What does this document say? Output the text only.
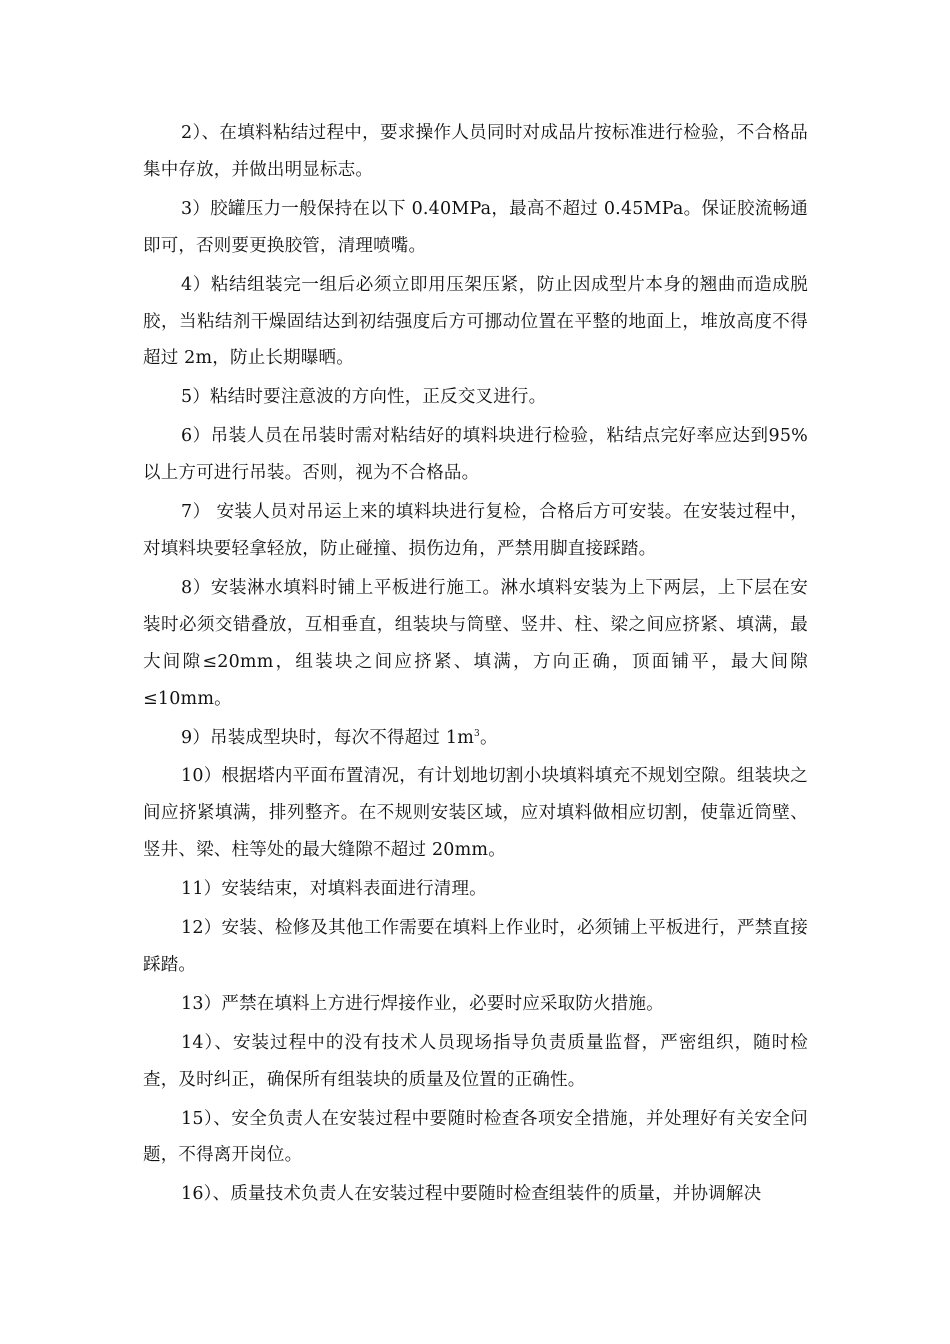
2）、在填料粘结过程中，要求操作人员同时对成品片按标准进行检验，不合格品集中存放，并做出明显标志。

3）胶罐压力一般保持在以下 0.40MPa，最高不超过 0.45MPa。保证胶流畅通即可，否则要更换胶管，清理喷嘴。

4）粘结组装完一组后必须立即用压架压紧，防止因成型片本身的翘曲而造成脱胶，当粘结剂干燥固结达到初结强度后方可挪动位置在平整的地面上，堆放高度不得超过 2m，防止长期曝晒。

5）粘结时要注意波的方向性，正反交叉进行。

6）吊装人员在吊装时需对粘结好的填料块进行检验，粘结点完好率应达到95%以上方可进行吊装。否则，视为不合格品。

7） 安装人员对吊运上来的填料块进行复检，合格后方可安装。在安装过程中，对填料块要轻拿轻放，防止碰撞、损伤边角，严禁用脚直接踩踏。

8）安装淋水填料时铺上平板进行施工。淋水填料安装为上下两层，上下层在安装时必须交错叠放，互相垂直，组装块与筒壁、竖井、柱、梁之间应挤紧、填满，最大间隙≤20mm，组装块之间应挤紧、填满，方向正确，顶面铺平，最大间隙≤10mm。

9）吊装成型块时，每次不得超过 $1m^3$。

10）根据塔内平面布置清况，有计划地切割小块填料填充不规划空隙。组装块之间应挤紧填满，排列整齐。在不规则安装区域，应对填料做相应切割，使靠近筒壁、竖井、梁、柱等处的最大缝隙不超过 20mm。

11）安装结束，对填料表面进行清理。

12）安装、检修及其他工作需要在填料上作业时，必须铺上平板进行，严禁直接踩踏。

13）严禁在填料上方进行焊接作业，必要时应采取防火措施。

14）、安装过程中的没有技术人员现场指导负责质量监督，严密组织，随时检查，及时纠正，确保所有组装块的质量及位置的正确性。

15）、安全负责人在安装过程中要随时检查各项安全措施，并处理好有关安全问题，不得离开岗位。

16）、质量技术负责人在安装过程中要随时检查组装件的质量，并协调解决
